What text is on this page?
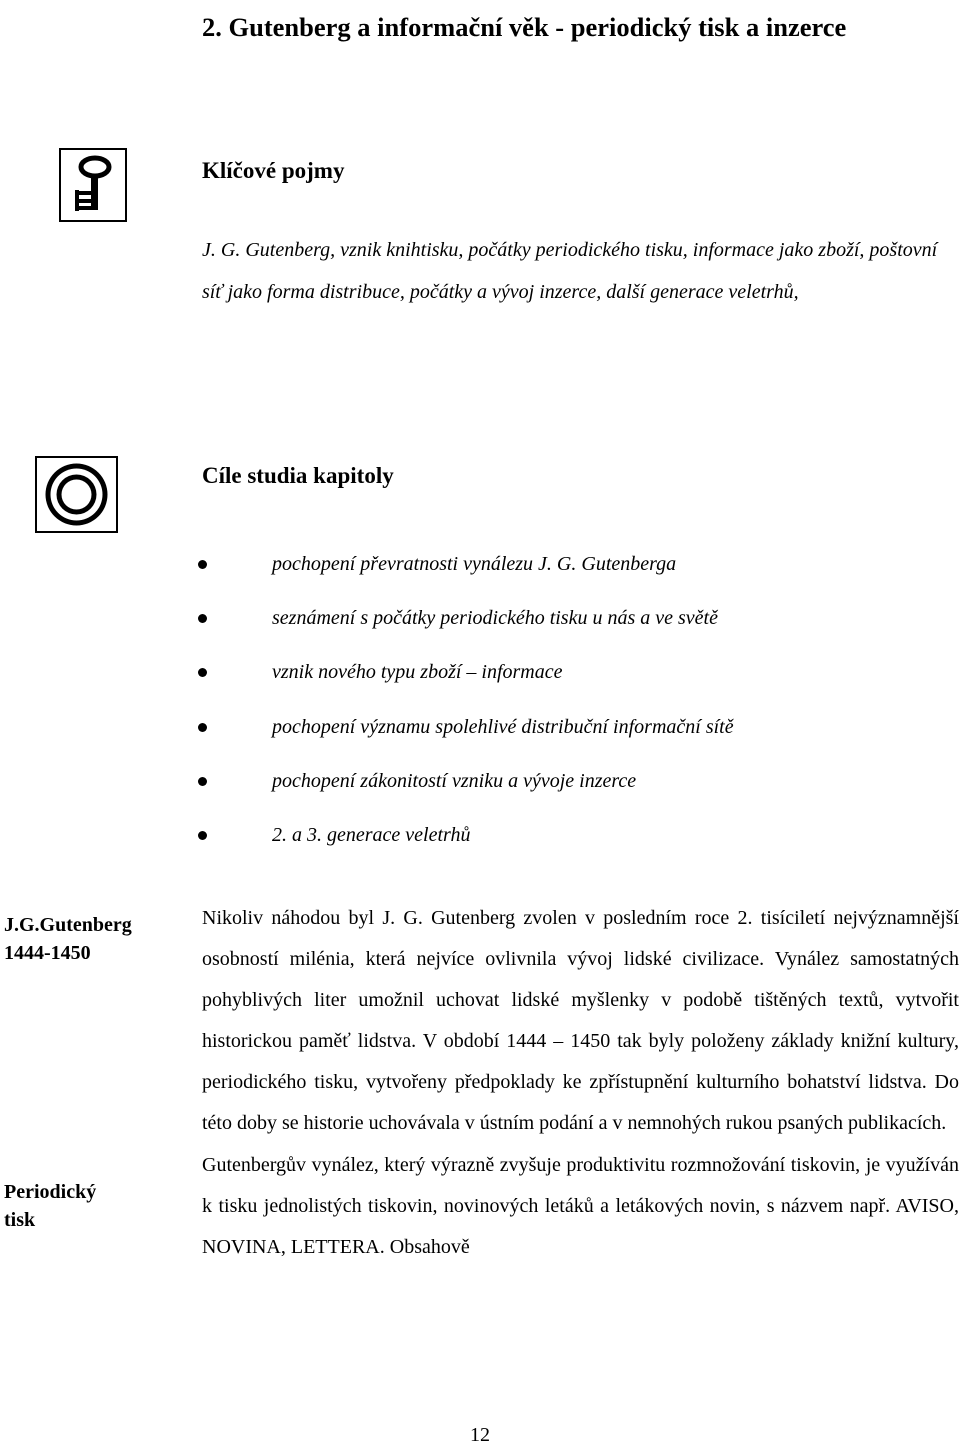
2. Gutenberg a informační věk - periodický tisk a inzerce
Klíčové pojmy
J. G. Gutenberg, vznik knihtisku, počátky periodického tisku, informace jako zboží, poštovní síť jako forma distribuce, počátky a vývoj inzerce, další generace veletrhů,
Cíle studia kapitoly
pochopení převratnosti vynálezu J. G. Gutenberga
seznámení s počátky periodického tisku u nás a ve světě
vznik nového typu zboží – informace
pochopení významu spolehlivé distribuční informační sítě
pochopení zákonitostí vzniku a vývoje inzerce
2. a 3. generace veletrhů
J.G.Gutenberg
1444-1450
Periodický
tisk

Nikoliv náhodou byl J. G. Gutenberg zvolen v posledním roce 2. tisíciletí nejvýznamnější osobností milénia, která nejvíce ovlivnila vývoj lidské civilizace. Vynález samostatných pohyblivých liter umožnil uchovat lidské myšlenky v podobě tištěných textů, vytvořit historickou paměť lidstva. V období 1444 – 1450 tak byly položeny základy knižní kultury, periodického tisku, vytvořeny předpoklady ke zpřístupnění kulturního bohatství lidstva. Do této doby se historie uchovávala v ústním podání a v nemnohých rukou psaných publikacích.

Gutenbergův vynález, který výrazně zvyšuje produktivitu rozmnožování tiskovin, je využíván k tisku jednolistých tiskovin, novinových letáků a letákových novin, s názvem např. AVISO, NOVINA, LETTERA. Obsahově

12
